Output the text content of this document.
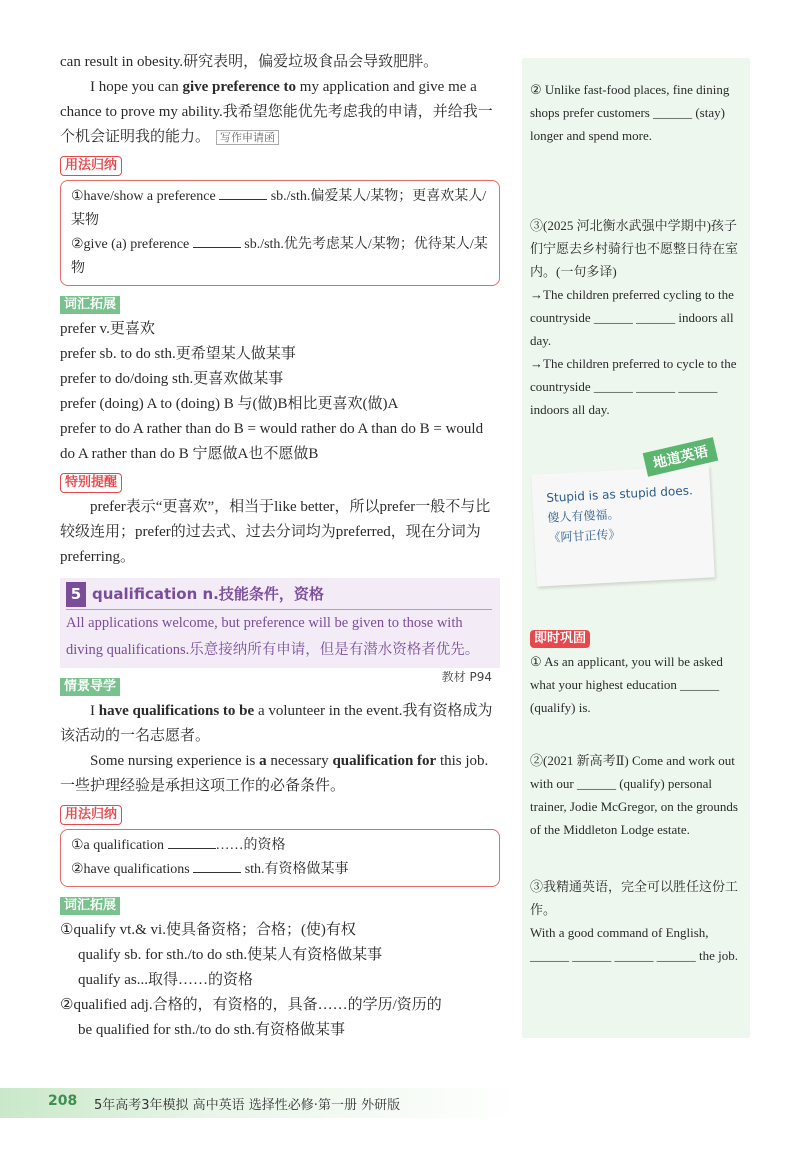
can result in obesity.研究表明，偏爱垃圾食品会导致肥胖。

I hope you can give preference to my application and give me a chance to prove my ability.我希望您能优先考虑我的申请，并给我一个机会证明我的能力。 写作申请函

用法归纳
①have/show a preference	sb./sth.偏爱某人/某物；更喜欢某人/某物
②give (a) preference	sb./sth.优先考虑某人/某物；优待某人/某物
词汇拓展

prefer v.更喜欢

prefer sb. to do sth.更希望某人做某事

prefer to do/doing sth.更喜欢做某事

prefer (doing) A to (doing) B 与(做)B相比更喜欢(做)A

prefer to do A rather than do B = would rather do A than do B = would do A rather than do B 宁愿做A也不愿做B

特别提醒

prefer表示“更喜欢”，相当于like better，所以prefer一般不与比较级连用；prefer的过去式、过去分词均为preferred，现在分词为preferring。

5 qualification n.技能条件，资格
All applications welcome, but preference will be given to those with diving qualifications.乐意接纳所有申请，但是有潜水资格者优先。
教材 P94
情景导学

I have qualifications to be a volunteer in the event.我有资格成为该活动的一名志愿者。

Some nursing experience is a necessary qualification for this job.一些护理经验是承担这项工作的必备条件。

用法归纳
①a qualification	……的资格
②have qualifications	sth.有资格做某事
词汇拓展

①qualify vt.& vi.使具备资格；合格；(使)有权

qualify sb. for sth./to do sth.使某人有资格做某事

qualify as...取得……的资格

②qualified adj.合格的，有资格的，具备……的学历/资历的

be qualified for sth./to do sth.有资格做某事

② Unlike fast-food places, fine dining shops prefer customers ______ (stay) longer and spend more.
③(2025 河北衡水武强中学期中)孩子们宁愿去乡村骑行也不愿整日待在室内。(一句多译)
→The children preferred cycling to the countryside ______ ______ indoors all day.
→The children preferred to cycle to the countryside ______ ______ ______ indoors all day.
地道英语
Stupid is as stupid does.
傻人有傻福。
《阿甘正传》
即时巩固
① As an applicant, you will be asked what your highest education ______ (qualify) is.
②(2021 新高考Ⅱ) Come and work out with our ______ (qualify) personal trainer, Jodie McGregor, on the grounds of the Middleton Lodge estate.
③我精通英语，完全可以胜任这份工作。
With a good command of English, ______ ______ ______ ______ the job.
208 5年高考3年模拟 高中英语 选择性必修·第一册 外研版
